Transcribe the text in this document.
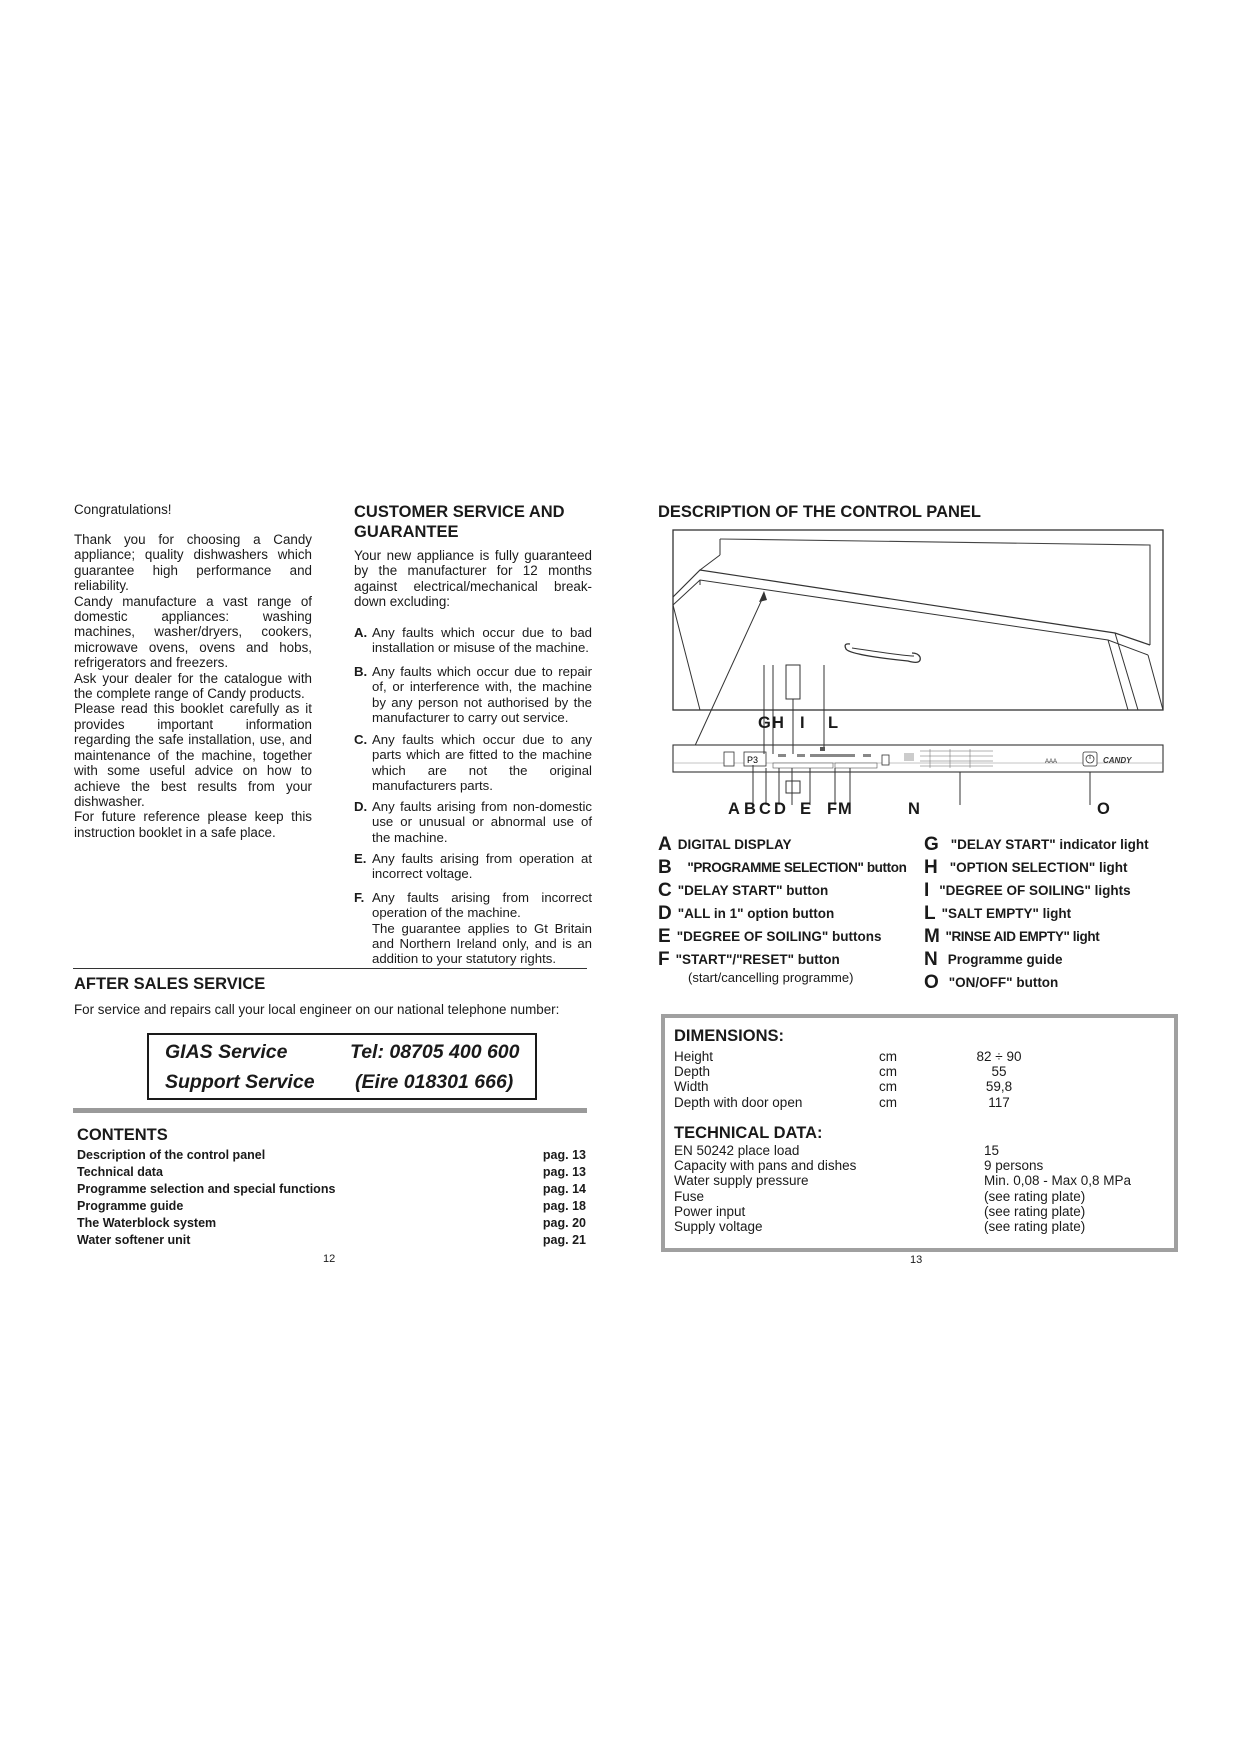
Congratulations!
Thank you for choosing a Candy appliance; quality dishwashers which guarantee high performance and reliability.
Candy manufacture a vast range of domestic appliances: washing machines, washer/dryers, cookers, microwave ovens, ovens and hobs, refrigerators and freezers.
Ask your dealer for the catalogue with the complete range of Candy products.
Please read this booklet carefully as it provides important information regarding the safe installation, use, and maintenance of the machine, together with some useful advice on how to achieve the best results from your dishwasher.
For future reference please keep this instruction booklet in a safe place.
CUSTOMER SERVICE AND
GUARANTEE
Your new appliance is fully guaranteed by the manufacturer for 12 months against electrical/mechanical break-down excluding:
A. Any faults which occur due to bad installation or misuse of the machine.
B. Any faults which occur due to repair of, or interference with, the machine by any person not authorised by the manufacturer to carry out service.
C. Any faults which occur due to any parts which are fitted to the machine which are not the original manufacturers parts.
D. Any faults arising from non-domestic use or unusual or abnormal use of the machine.
E. Any faults arising from operation at incorrect voltage.
F. Any faults arising from incorrect operation of the machine.
The guarantee applies to Gt Britain and Northern Ireland only, and is an addition to your statutory rights.
AFTER SALES SERVICE
For service and repairs call your local engineer on our national telephone number:
GIAS Service	Tel: 08705 400 600
Support Service (Eire 018301 666)
CONTENTS
Description of the control panel	pag. 13
Technical data	pag. 13
Programme selection and special functions	pag. 14
Programme guide	pag. 18
The Waterblock system	pag. 20
Water softener unit	pag. 21
12
DESCRIPTION OF THE CONTROL PANEL
P3	AAA	CANDY
G H I L
A B C D E F M	N	O
A DIGITAL DISPLAY
B "PROGRAMME SELECTION" button
C "DELAY START" button
D "ALL in 1" option button
E "DEGREE OF SOILING" buttons
F "START"/"RESET" button
(start/cancelling programme)
G "DELAY START" indicator light
H "OPTION SELECTION" light
I "DEGREE OF SOILING" lights
L "SALT EMPTY" light
M "RINSE AID EMPTY" light
N Programme guide
O "ON/OFF" button
DIMENSIONS:
Height	cm	82 ÷ 90
Depth	cm	55
Width	cm	59,8
Depth with door open	cm	117
TECHNICAL DATA:
EN 50242 place load	15
Capacity with pans and dishes	9 persons
Water supply pressure	Min. 0,08 - Max 0,8 MPa
Fuse	(see rating plate)
Power input	(see rating plate)
Supply voltage	(see rating plate)
13
